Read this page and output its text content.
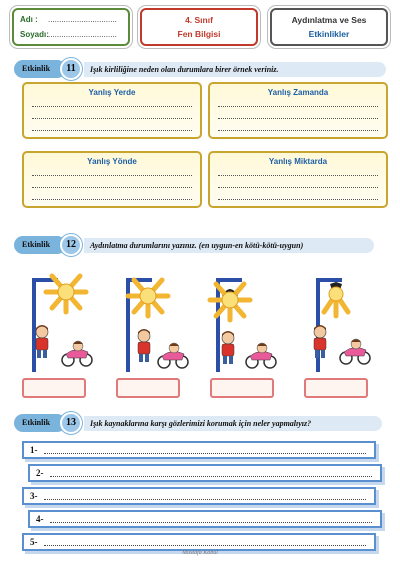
Adı : ...............................
Soyadı: ...............................
4. Sınıf
Fen Bilgisi
Aydınlatma ve Ses
Etkinlikler
Etkinlik	11	Işık kirliliğine neden olan durumlara birer örnek veriniz.
Yanlış Yerde	Yanlış Zamanda
Yanlış Yönde	Yanlış Miktarda
Etkinlik	12	Aydınlatma durumlarını yazınız. (en uygun-en kötü-kötü-uygun)
Etkinlik	13	Işık kaynaklarına karşı gözlerimizi korumak için neler yapmalıyız?
1-
2-
3-
4-
5-
Mustafa Kabul
